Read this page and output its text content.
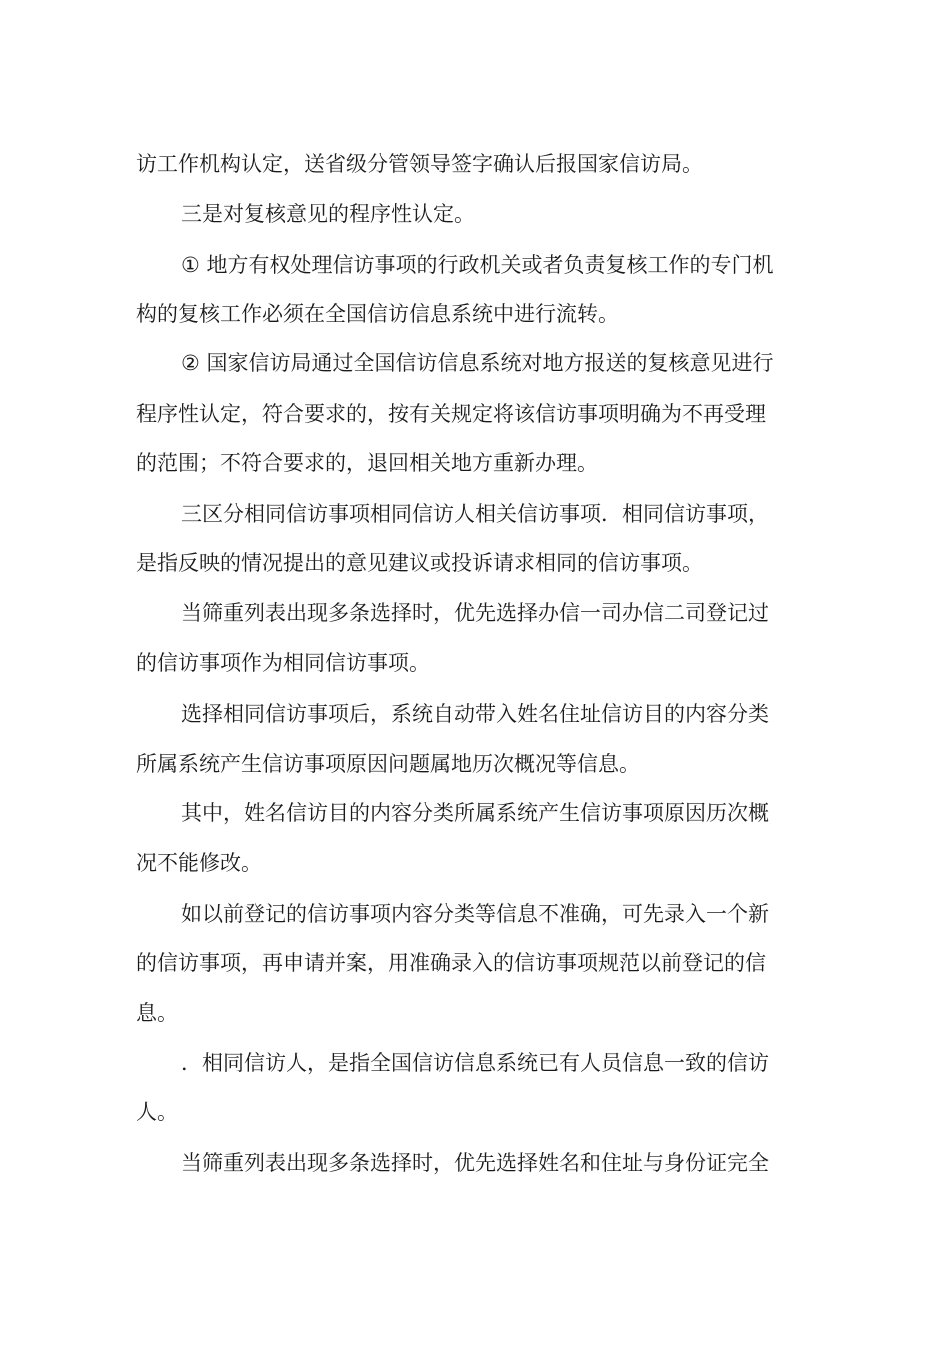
访工作机构认定，送省级分管领导签字确认后报国家信访局。

三是对复核意见的程序性认定。

① 地方有权处理信访事项的行政机关或者负责复核工作的专门机

构的复核工作必须在全国信访信息系统中进行流转。

② 国家信访局通过全国信访信息系统对地方报送的复核意见进行

程序性认定，符合要求的，按有关规定将该信访事项明确为不再受理

的范围；不符合要求的，退回相关地方重新办理。

三区分相同信访事项相同信访人相关信访事项．相同信访事项，

是指反映的情况提出的意见建议或投诉请求相同的信访事项。

当筛重列表出现多条选择时，优先选择办信一司办信二司登记过

的信访事项作为相同信访事项。

选择相同信访事项后，系统自动带入姓名住址信访目的内容分类

所属系统产生信访事项原因问题属地历次概况等信息。

其中，姓名信访目的内容分类所属系统产生信访事项原因历次概

况不能修改。

如以前登记的信访事项内容分类等信息不准确，可先录入一个新

的信访事项，再申请并案，用准确录入的信访事项规范以前登记的信

息。

．相同信访人，是指全国信访信息系统已有人员信息一致的信访

人。

当筛重列表出现多条选择时，优先选择姓名和住址与身份证完全
